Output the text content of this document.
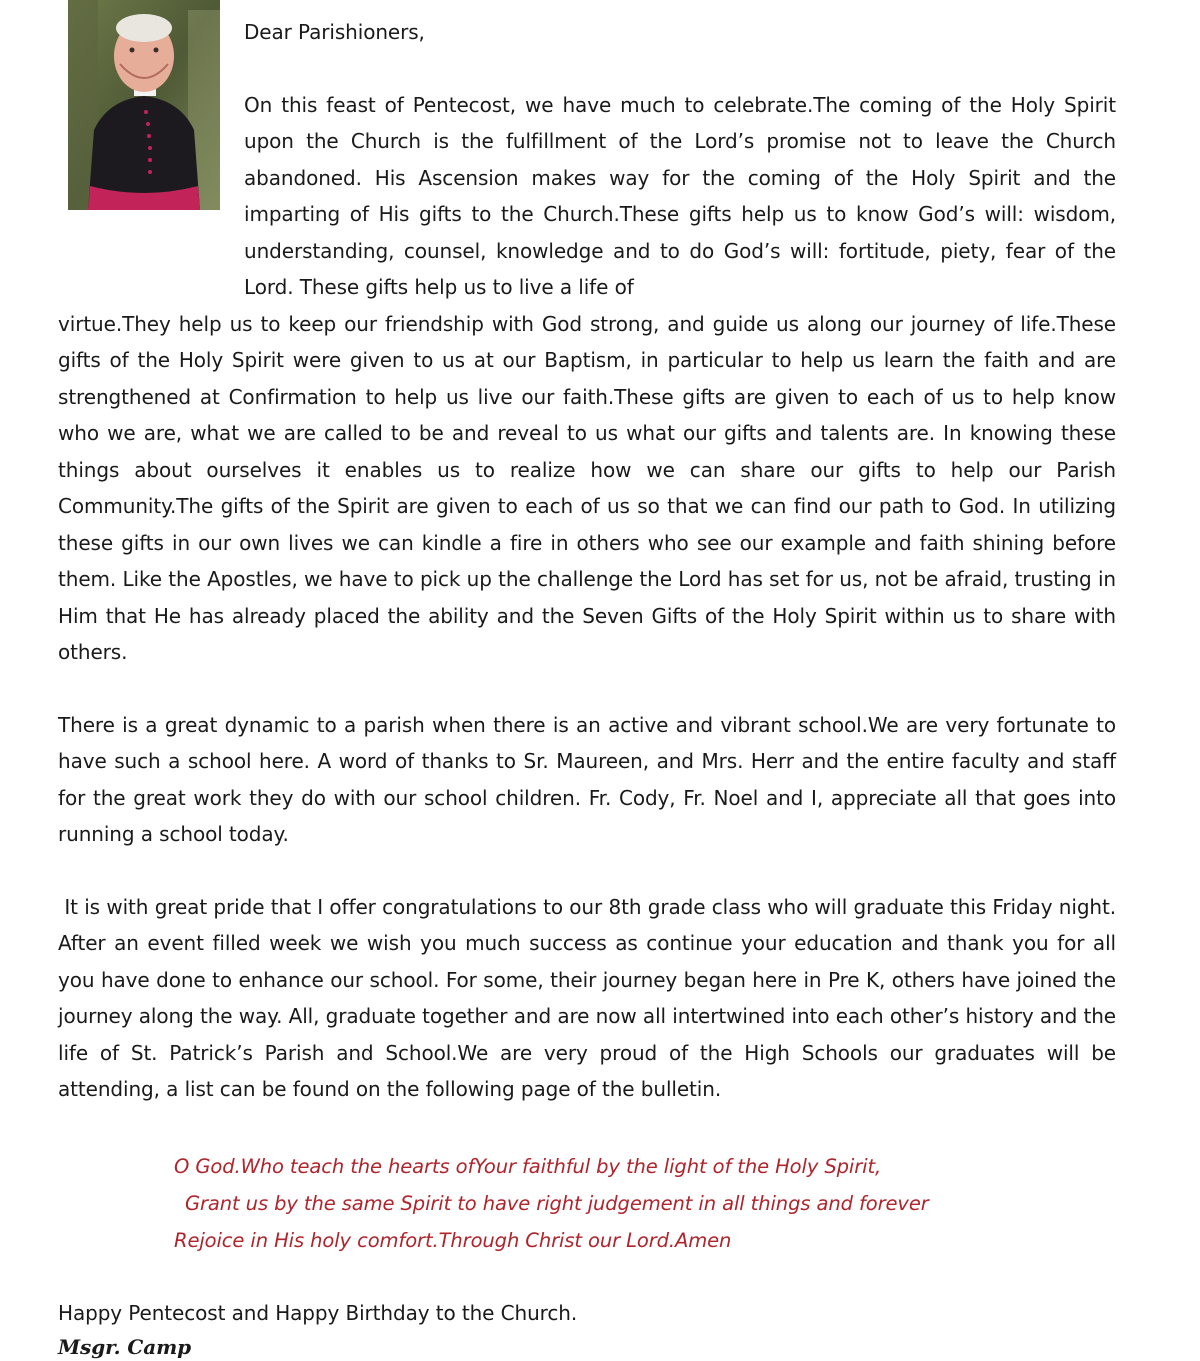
Dear Parishioners,

On this feast of Pentecost, we have much to celebrate.The coming of the Holy Spirit upon the Church is the fulfillment of the Lord’s promise not to leave the Church abandoned. His Ascension makes way for the coming of the Holy Spirit and the imparting of His gifts to the Church.These gifts help us to know God’s will: wisdom, understanding, counsel, knowledge and to do God’s will: fortitude, piety, fear of the Lord. These gifts help us to live a life of

virtue.They help us to keep our friendship with God strong, and guide us along our journey of life.These gifts of the Holy Spirit were given to us at our Baptism, in particular to help us learn the faith and are strengthened at Confirmation to help us live our faith.These gifts are given to each of us to help know who we are, what we are called to be and reveal to us what our gifts and talents are. In knowing these things about ourselves it enables us to realize how we can share our gifts to help our Parish Community.The gifts of the Spirit are given to each of us so that we can find our path to God. In utilizing these gifts in our own lives we can kindle a fire in others who see our example and faith shining before them. Like the Apostles, we have to pick up the challenge the Lord has set for us, not be afraid, trusting in Him that He has already placed the ability and the Seven Gifts of the Holy Spirit within us to share with others.

There is a great dynamic to a parish when there is an active and vibrant school.We are very fortunate to have such a school here. A word of thanks to Sr. Maureen, and Mrs. Herr and the entire faculty and staff for the great work they do with our school children. Fr. Cody, Fr. Noel and I, appreciate all that goes into running a school today.

It is with great pride that I offer congratulations to our 8th grade class who will graduate this Friday night. After an event filled week we wish you much success as continue your education and thank you for all you have done to enhance our school. For some, their journey began here in Pre K, others have joined the journey along the way. All, graduate together and are now all intertwined into each other’s history and the life of St. Patrick’s Parish and School.We are very proud of the High Schools our graduates will be attending, a list can be found on the following page of the bulletin.

O God.Who teach the hearts ofYour faithful by the light of the Holy Spirit,
Grant us by the same Spirit to have right judgement in all things and forever
Rejoice in His holy comfort.Through Christ our Lord.Amen

Happy Pentecost and Happy Birthday to the Church.

Msgr. Camp
